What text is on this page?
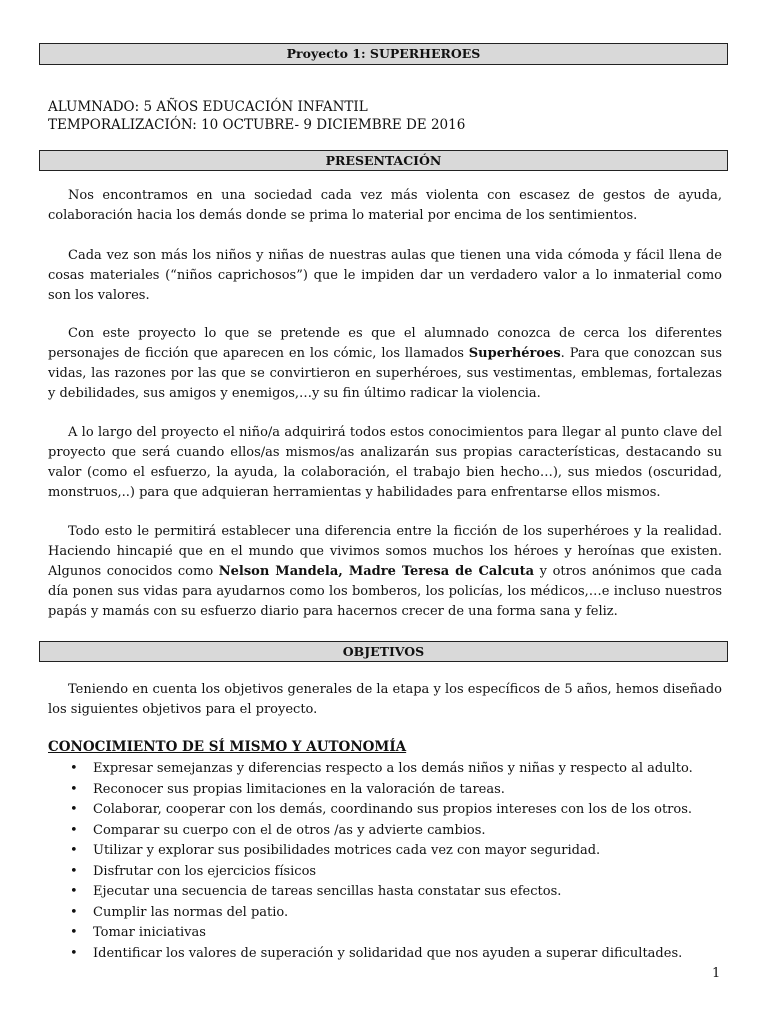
Proyecto 1: SUPERHEROES
ALUMNADO: 5 AÑOS EDUCACIÓN INFANTIL
TEMPORALIZACIÓN: 10 OCTUBRE- 9 DICIEMBRE DE 2016
PRESENTACIÓN

Nos encontramos en una sociedad cada vez más violenta con escasez de gestos de ayuda, colaboración hacia los demás donde se prima lo material por encima de los sentimientos.

Cada vez son más los niños y niñas de nuestras aulas que tienen una vida cómoda y fácil llena de cosas materiales (“niños caprichosos”) que le impiden dar un verdadero valor a lo inmaterial como son los valores.

Con este proyecto lo que se pretende es que el alumnado conozca de cerca los diferentes personajes de ficción que aparecen en los cómic, los llamados Superhéroes. Para que conozcan sus vidas, las razones por las que se convirtieron en superhéroes, sus vestimentas, emblemas, fortalezas y debilidades, sus amigos y enemigos,…y su fin último radicar la violencia.

A lo largo del proyecto el niño/a adquirirá todos estos conocimientos para llegar al punto clave del proyecto que será cuando ellos/as mismos/as analizarán sus propias características, destacando su valor (como el esfuerzo, la ayuda, la colaboración, el trabajo bien hecho…), sus miedos (oscuridad, monstruos,..) para que adquieran herramientas y habilidades para enfrentarse ellos mismos.

Todo esto le permitirá establecer una diferencia entre la ficción de los superhéroes y la realidad. Haciendo hincapié que en el mundo que vivimos somos muchos los héroes y heroínas que existen. Algunos conocidos como Nelson Mandela, Madre Teresa de Calcuta y otros anónimos que cada día ponen sus vidas para ayudarnos como los bomberos, los policías, los médicos,…e incluso nuestros papás y mamás con su esfuerzo diario para hacernos crecer de una forma sana y feliz.

OBJETIVOS

Teniendo en cuenta los objetivos generales de la etapa y los específicos de 5 años, hemos diseñado los siguientes objetivos para el proyecto.

CONOCIMIENTO DE SÍ MISMO Y AUTONOMÍA
• Expresar semejanzas y diferencias respecto a los demás niños y niñas y respecto al adulto.
• Reconocer sus propias limitaciones en la valoración de tareas.
• Colaborar, cooperar con los demás, coordinando sus propios intereses con los de los otros.
• Comparar su cuerpo con el de otros /as y advierte cambios.
• Utilizar y explorar sus posibilidades motrices cada vez con mayor seguridad.
• Disfrutar con los ejercicios físicos
• Ejecutar una secuencia de tareas sencillas hasta constatar sus efectos.
• Cumplir las normas del patio.
• Tomar iniciativas
• Identificar los valores de superación y solidaridad que nos ayuden a superar dificultades.
1
